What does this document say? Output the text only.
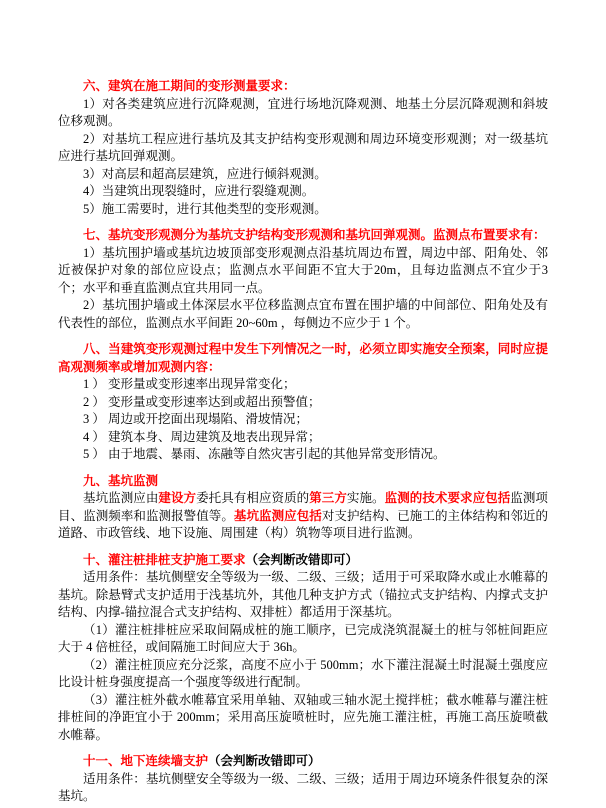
六、建筑在施工期间的变形测量要求：

1）对各类建筑应进行沉降观测，宜进行场地沉降观测、地基土分层沉降观测和斜坡位移观测。

2）对基坑工程应进行基坑及其支护结构变形观测和周边环境变形观测；对一级基坑应进行基坑回弹观测。

3）对高层和超高层建筑，应进行倾斜观测。

4）当建筑出现裂缝时，应进行裂缝观测。

5）施工需要时，进行其他类型的变形观测。

七、基坑变形观测分为基坑支护结构变形观测和基坑回弹观测。监测点布置要求有：

1）基坑围护墙或基坑边坡顶部变形观测点沿基坑周边布置，周边中部、阳角处、邻近被保护对象的部位应设点；监测点水平间距不宜大于20m，且每边监测点不宜少于3个；水平和垂直监测点宜共用同一点。

2）基坑围护墙或土体深层水平位移监测点宜布置在围护墙的中间部位、阳角处及有代表性的部位，监测点水平间距 20~60m ，每侧边不应少于 1 个。

八、当建筑变形观测过程中发生下列情况之一时，必须立即实施安全预案，同时应提高观测频率或增加观测内容：

1 ） 变形量或变形速率出现异常变化；

2 ） 变形量或变形速率达到或超出预警值；

3 ） 周边或开挖面出现塌陷、滑坡情况；

4 ） 建筑本身、周边建筑及地表出现异常；

5 ） 由于地震、暴雨、冻融等自然灾害引起的其他异常变形情况。

九、基坑监测

基坑监测应由建设方委托具有相应资质的第三方实施。监测的技术要求应包括监测项目、监测频率和监测报警值等。基坑监测应包括对支护结构、已施工的主体结构和邻近的道路、市政管线、地下设施、周围建（构）筑物等项目进行监测。

十、灌注桩排桩支护施工要求（会判断改错即可）

适用条件：基坑侧壁安全等级为一级、二级、三级；适用于可采取降水或止水帷幕的基坑。除悬臂式支护适用于浅基坑外，其他几种支护方式（锚拉式支护结构、内撑式支护结构、内撑-锚拉混合式支护结构、双排桩）都适用于深基坑。

（1）灌注桩排桩应采取间隔成桩的施工顺序，已完成浇筑混凝土的桩与邻桩间距应大于 4 倍桩径，或间隔施工时间应大于 36h。

（2）灌注桩顶应充分泛浆，高度不应小于 500mm；水下灌注混凝土时混凝土强度应比设计桩身强度提高一个强度等级进行配制。

（3）灌注桩外截水帷幕宜采用单轴、双轴或三轴水泥土搅拌桩；截水帷幕与灌注桩排桩间的净距宜小于 200mm；采用高压旋喷桩时，应先施工灌注桩，再施工高压旋喷截水帷幕。

十一、地下连续墙支护（会判断改错即可）

适用条件：基坑侧壁安全等级为一级、二级、三级；适用于周边环境条件很复杂的深基坑。
